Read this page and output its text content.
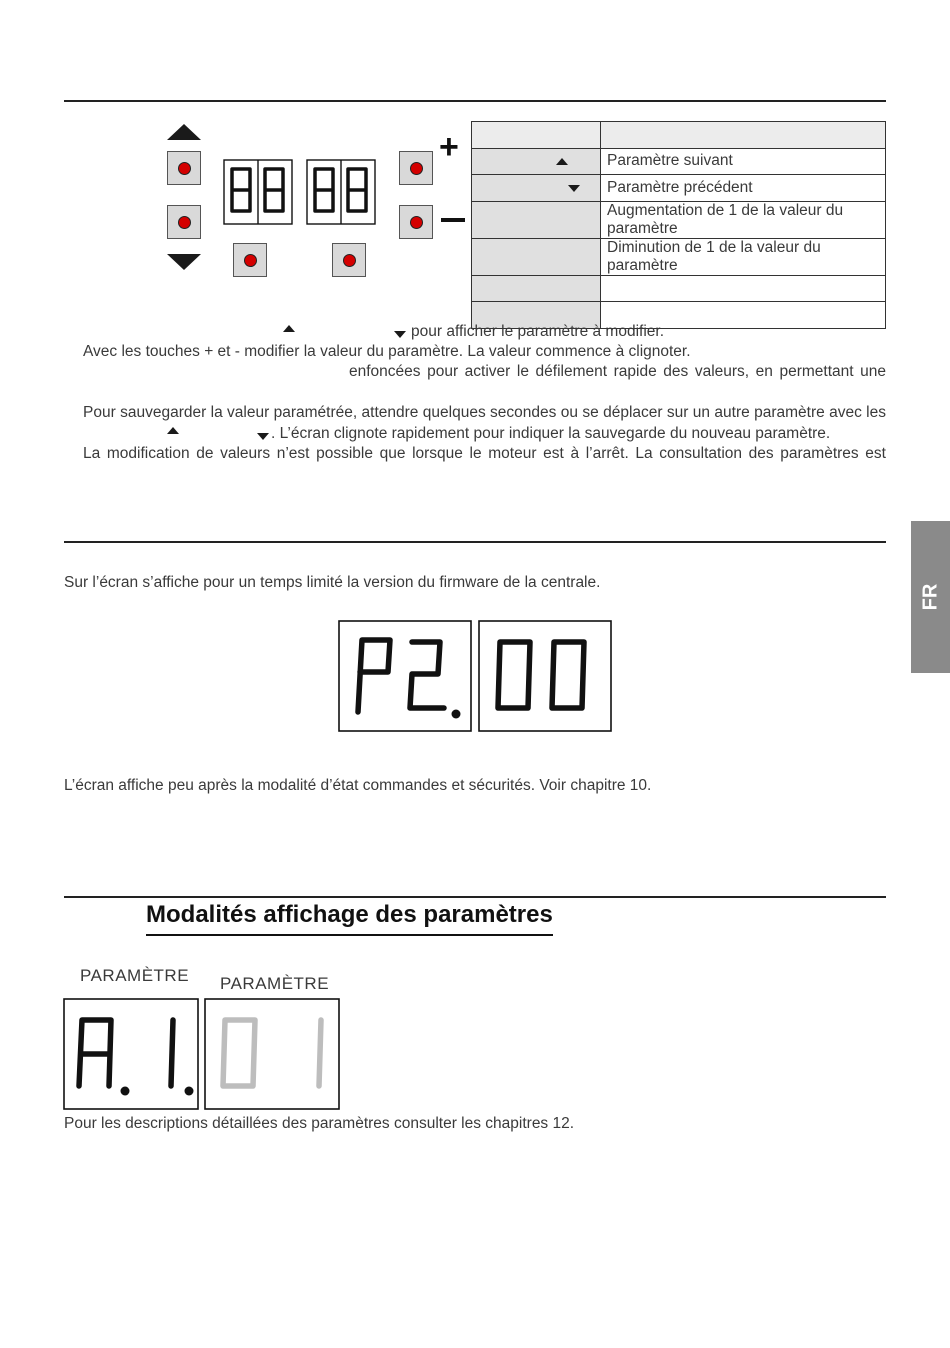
+

		Paramètre suivant
	Paramètre précédent
	Augmentation de 1 de la valeur du paramètre
	Diminution de 1 de la valeur du paramètre

pour afficher le paramètre à modifier.
Avec les touches + et - modifier la valeur du paramètre. La valeur commence à clignoter.
enfoncées pour activer le défilement rapide des valeurs, en permettant une
Pour sauvegarder la valeur paramétrée, attendre quelques secondes ou se déplacer sur un autre paramètre avec les
. L’écran clignote rapidement pour indiquer la sauvegarde du nouveau paramètre.
La modification de valeurs n’est possible que lorsque le moteur est à l’arrêt. La consultation des paramètres est
Sur l’écran s’affiche pour un temps limité la version du firmware de la centrale.
L’écran affiche peu après la modalité d’état commandes et sécurités. Voir chapitre 10.
Modalités affichage des paramètres
PARAMÈTRE PARAMÈTRE
Pour les descriptions détaillées des paramètres consulter les chapitres 12.
FR
